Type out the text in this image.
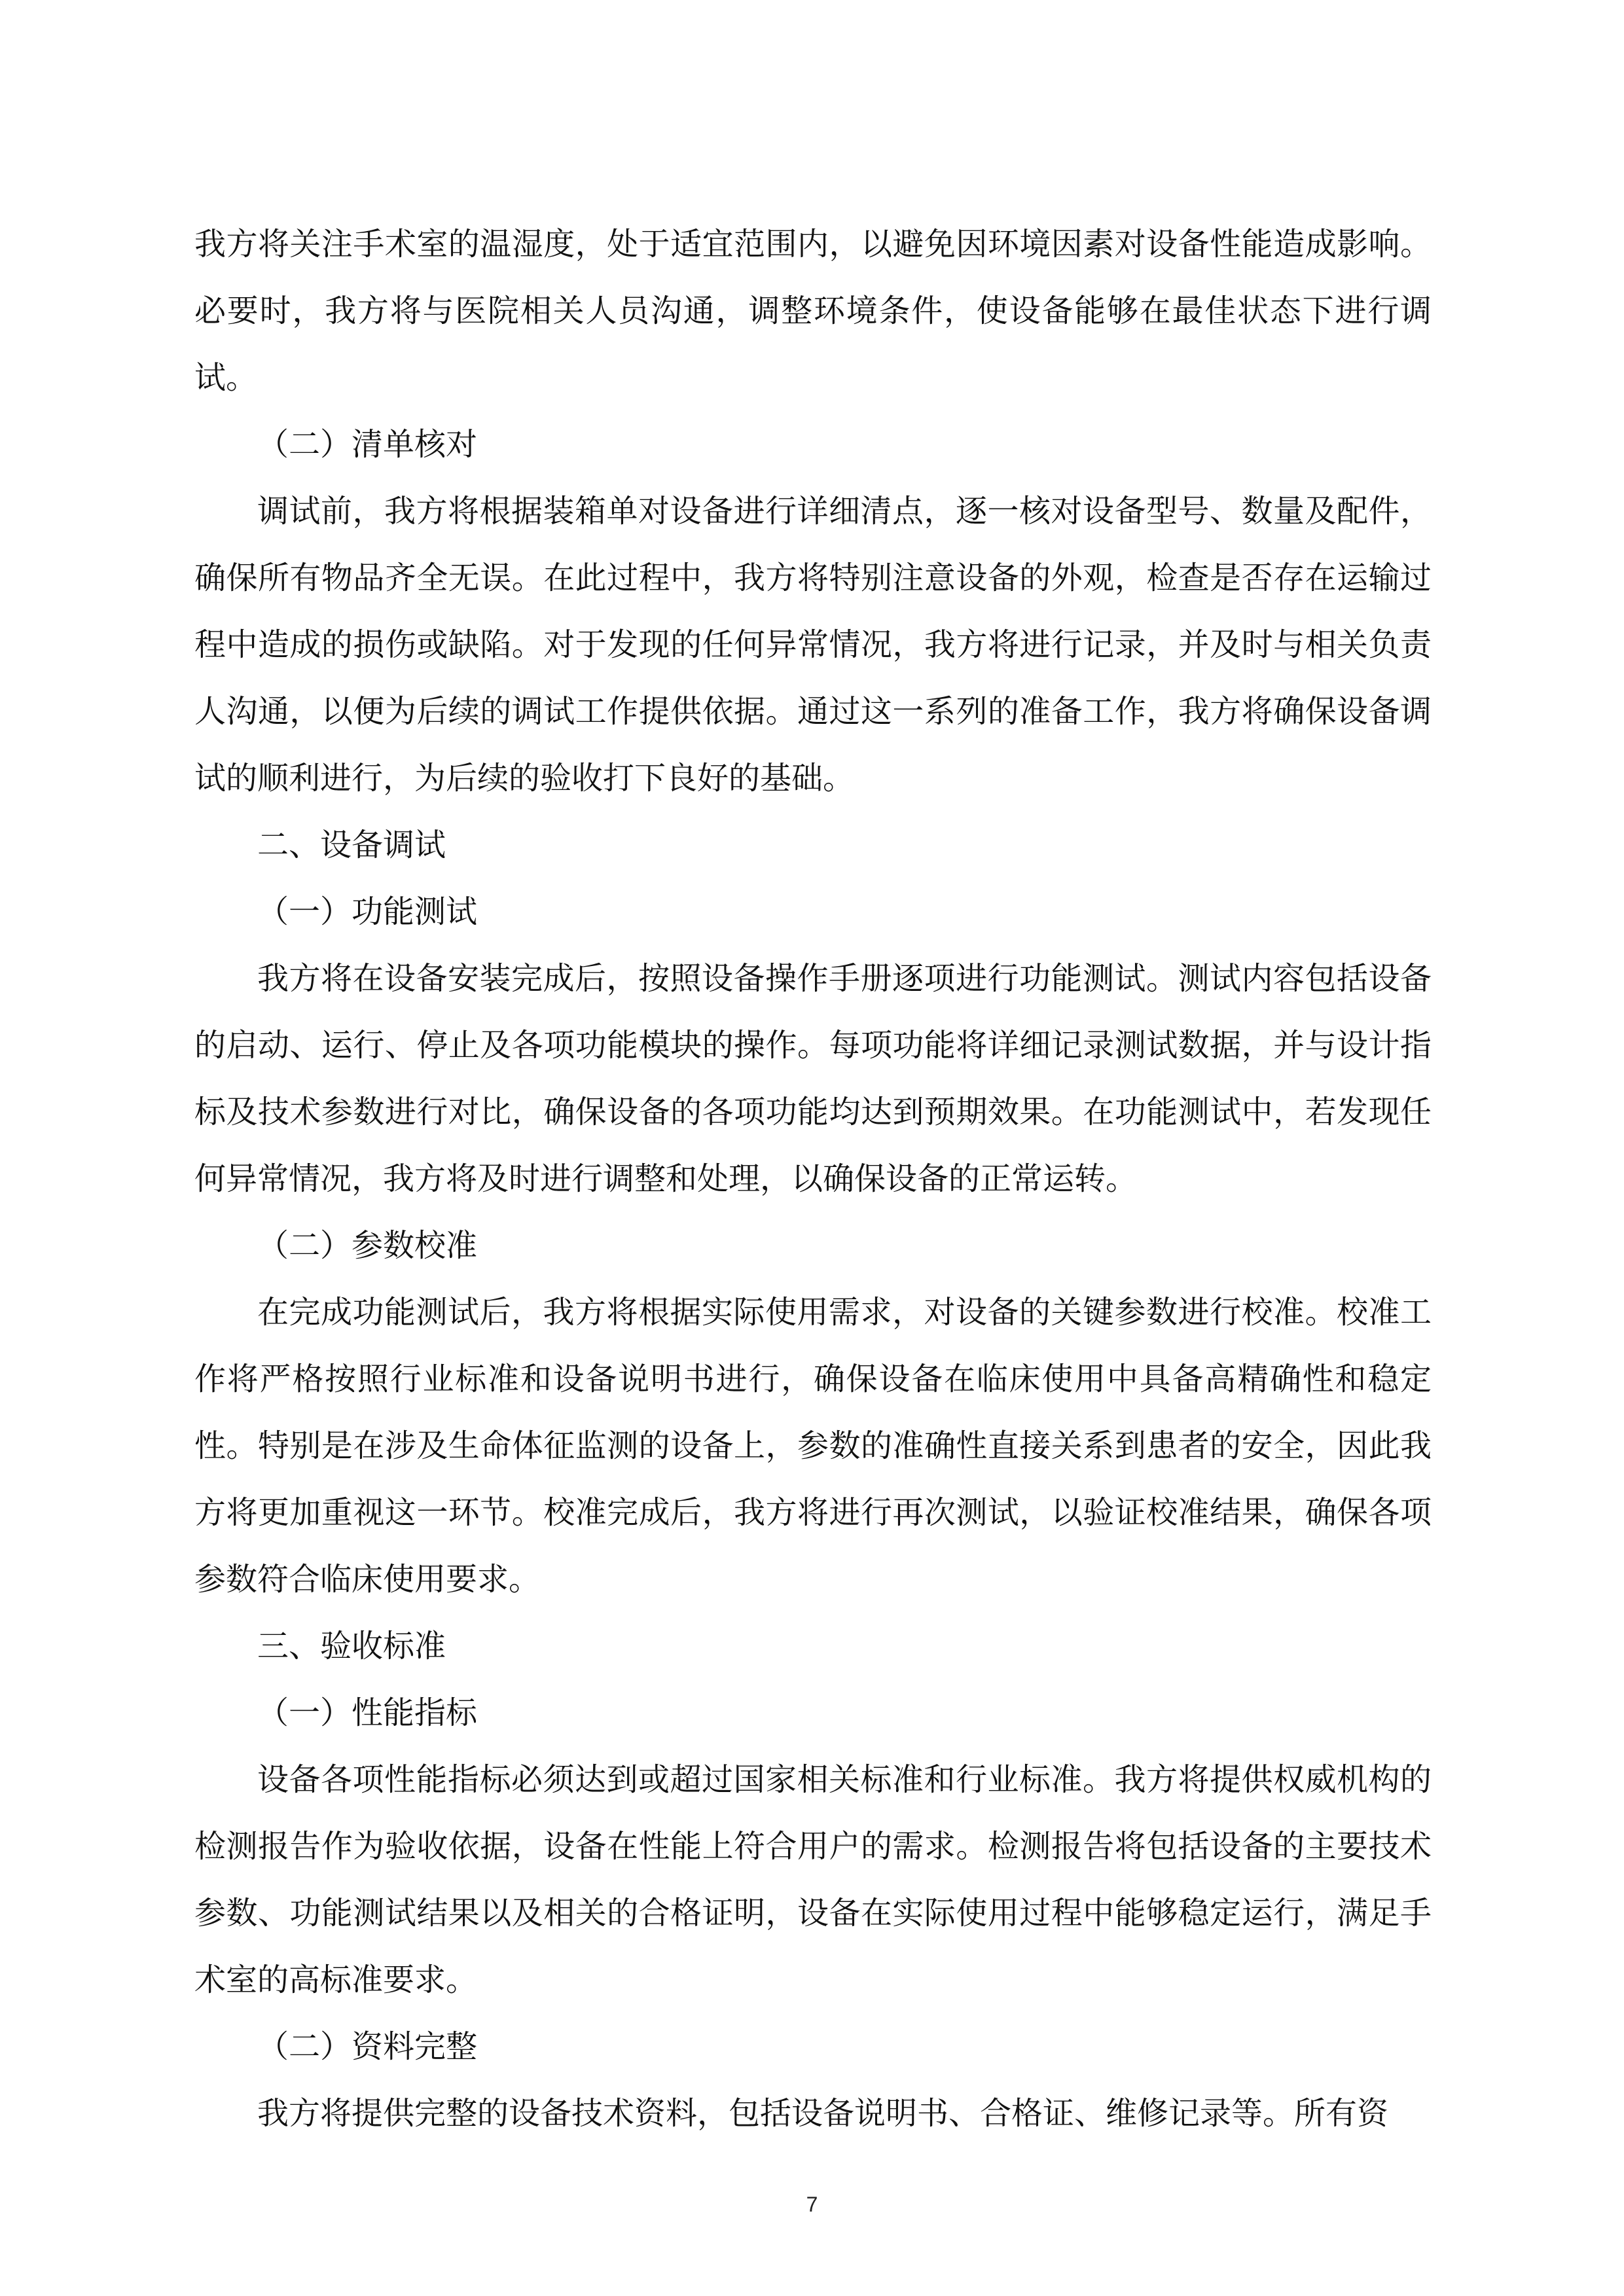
我方将关注手术室的温湿度，处于适宜范围内，以避免因环境因素对设备性能造成影响。必要时，我方将与医院相关人员沟通，调整环境条件，使设备能够在最佳状态下进行调试。

（二）清单核对

调试前，我方将根据装箱单对设备进行详细清点，逐一核对设备型号、数量及配件，确保所有物品齐全无误。在此过程中，我方将特别注意设备的外观，检查是否存在运输过程中造成的损伤或缺陷。对于发现的任何异常情况，我方将进行记录，并及时与相关负责人沟通，以便为后续的调试工作提供依据。通过这一系列的准备工作，我方将确保设备调试的顺利进行，为后续的验收打下良好的基础。

二、设备调试

（一）功能测试

我方将在设备安装完成后，按照设备操作手册逐项进行功能测试。测试内容包括设备的启动、运行、停止及各项功能模块的操作。每项功能将详细记录测试数据，并与设计指标及技术参数进行对比，确保设备的各项功能均达到预期效果。在功能测试中，若发现任何异常情况，我方将及时进行调整和处理，以确保设备的正常运转。

（二）参数校准

在完成功能测试后，我方将根据实际使用需求，对设备的关键参数进行校准。校准工作将严格按照行业标准和设备说明书进行，确保设备在临床使用中具备高精确性和稳定性。特别是在涉及生命体征监测的设备上，参数的准确性直接关系到患者的安全，因此我方将更加重视这一环节。校准完成后，我方将进行再次测试，以验证校准结果，确保各项参数符合临床使用要求。

三、验收标准

（一）性能指标

设备各项性能指标必须达到或超过国家相关标准和行业标准。我方将提供权威机构的检测报告作为验收依据，设备在性能上符合用户的需求。检测报告将包括设备的主要技术参数、功能测试结果以及相关的合格证明，设备在实际使用过程中能够稳定运行，满足手术室的高标准要求。

（二）资料完整

我方将提供完整的设备技术资料，包括设备说明书、合格证、维修记录等。所有资

7
